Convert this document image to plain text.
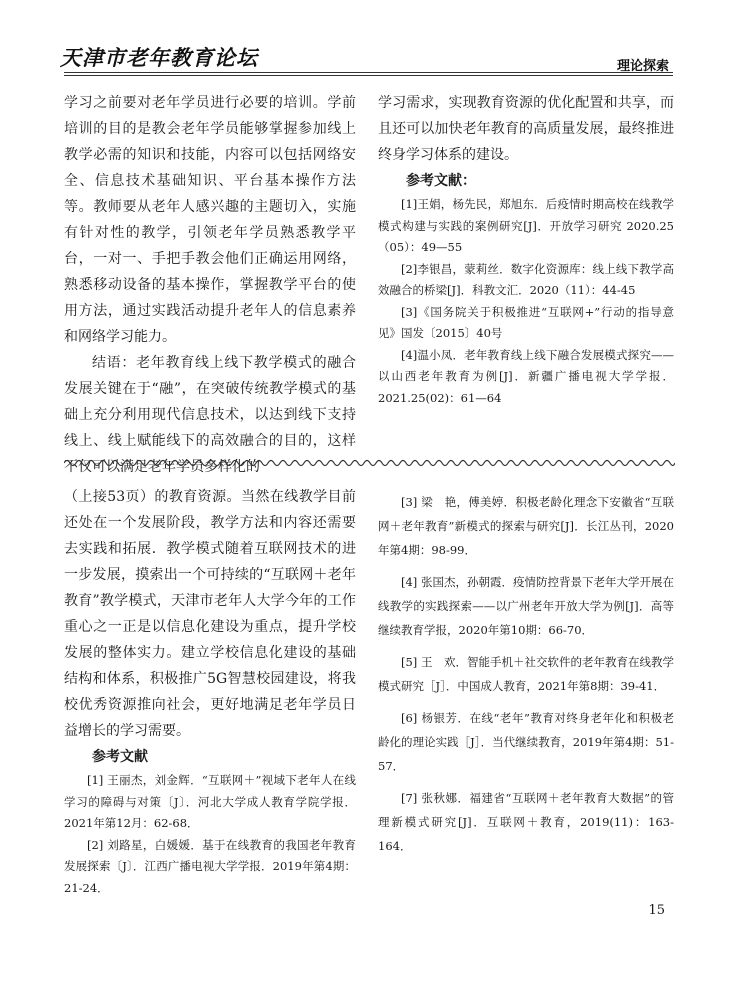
天津市老年教育论坛	理论探索

学习之前要对老年学员进行必要的培训。学前培训的目的是教会老年学员能够掌握参加线上教学必需的知识和技能，内容可以包括网络安全、信息技术基础知识、平台基本操作方法等。教师要从老年人感兴趣的主题切入，实施有针对性的教学，引领老年学员熟悉教学平台，一对一、手把手教会他们正确运用网络，熟悉移动设备的基本操作，掌握教学平台的使用方法，通过实践活动提升老年人的信息素养和网络学习能力。

结语：老年教育线上线下教学模式的融合发展关键在于“融”，在突破传统教学模式的基础上充分利用现代信息技术，以达到线下支持线上、线上赋能线下的高效融合的目的，这样不仅可以满足老年学员多样化的

学习需求，实现教育资源的优化配置和共享，而且还可以加快老年教育的高质量发展，最终推进终身学习体系的建设。

参考文献：

[1]王娟，杨先民，郑旭东．后疫情时期高校在线教学模式构建与实践的案例研究[J]．开放学习研究 2020.25（05）：49—55

[2]李银昌，蒙莉丝．数字化资源库：线上线下教学高效融合的桥梁[J]．科教文汇．2020（11）：44-45

[3]《国务院关于积极推进“互联网+”行动的指导意见》国发〔2015〕40号

[4]温小凤．老年教育线上线下融合发展模式探究——以山西老年教育为例[J]．新疆广播电视大学学报．2021.25(02)：61—64

（上接53页）的教育资源。当然在线教学目前还处在一个发展阶段，教学方法和内容还需要去实践和拓展．教学模式随着互联网技术的进一步发展，摸索出一个可持续的“互联网＋老年教育”教学模式，天津市老年人大学今年的工作重心之一正是以信息化建设为重点，提升学校发展的整体实力。建立学校信息化建设的基础结构和体系，积极推广5G智慧校园建设，将我校优秀资源推向社会，更好地满足老年学员日益增长的学习需要。

参考文献

[1] 王丽杰，刘金辉．“互联网＋”视域下老年人在线学习的障碍与对策〔J〕．河北大学成人教育学院学报．2021年第12月：62-68．

[2] 刘路星，白媛媛．基于在线教育的我国老年教育发展探索〔J〕．江西广播电视大学学报．2019年第4期：21-24．

[3] 梁　艳，傅美婷．积极老龄化理念下安徽省“互联网＋老年教育”新模式的探索与研究[J]．长江丛刊，2020年第4期：98-99．

[4] 张国杰，孙朝霞．疫情防控背景下老年大学开展在线教学的实践探索——以广州老年开放大学为例[J]．高等继续教育学报，2020年第10期：66-70．

[5] 王　欢．智能手机＋社交软件的老年教育在线教学模式研究［J］．中国成人教育，2021年第8期：39-41．

[6] 杨银芳．在线“老年”教育对终身老年化和积极老龄化的理论实践［J］．当代继续教育，2019年第4期：51-57．

[7] 张秋娜．福建省“互联网＋老年教育大数据”的管理新模式研究[J]．互联网＋教育，2019(11)：163-164．

15
